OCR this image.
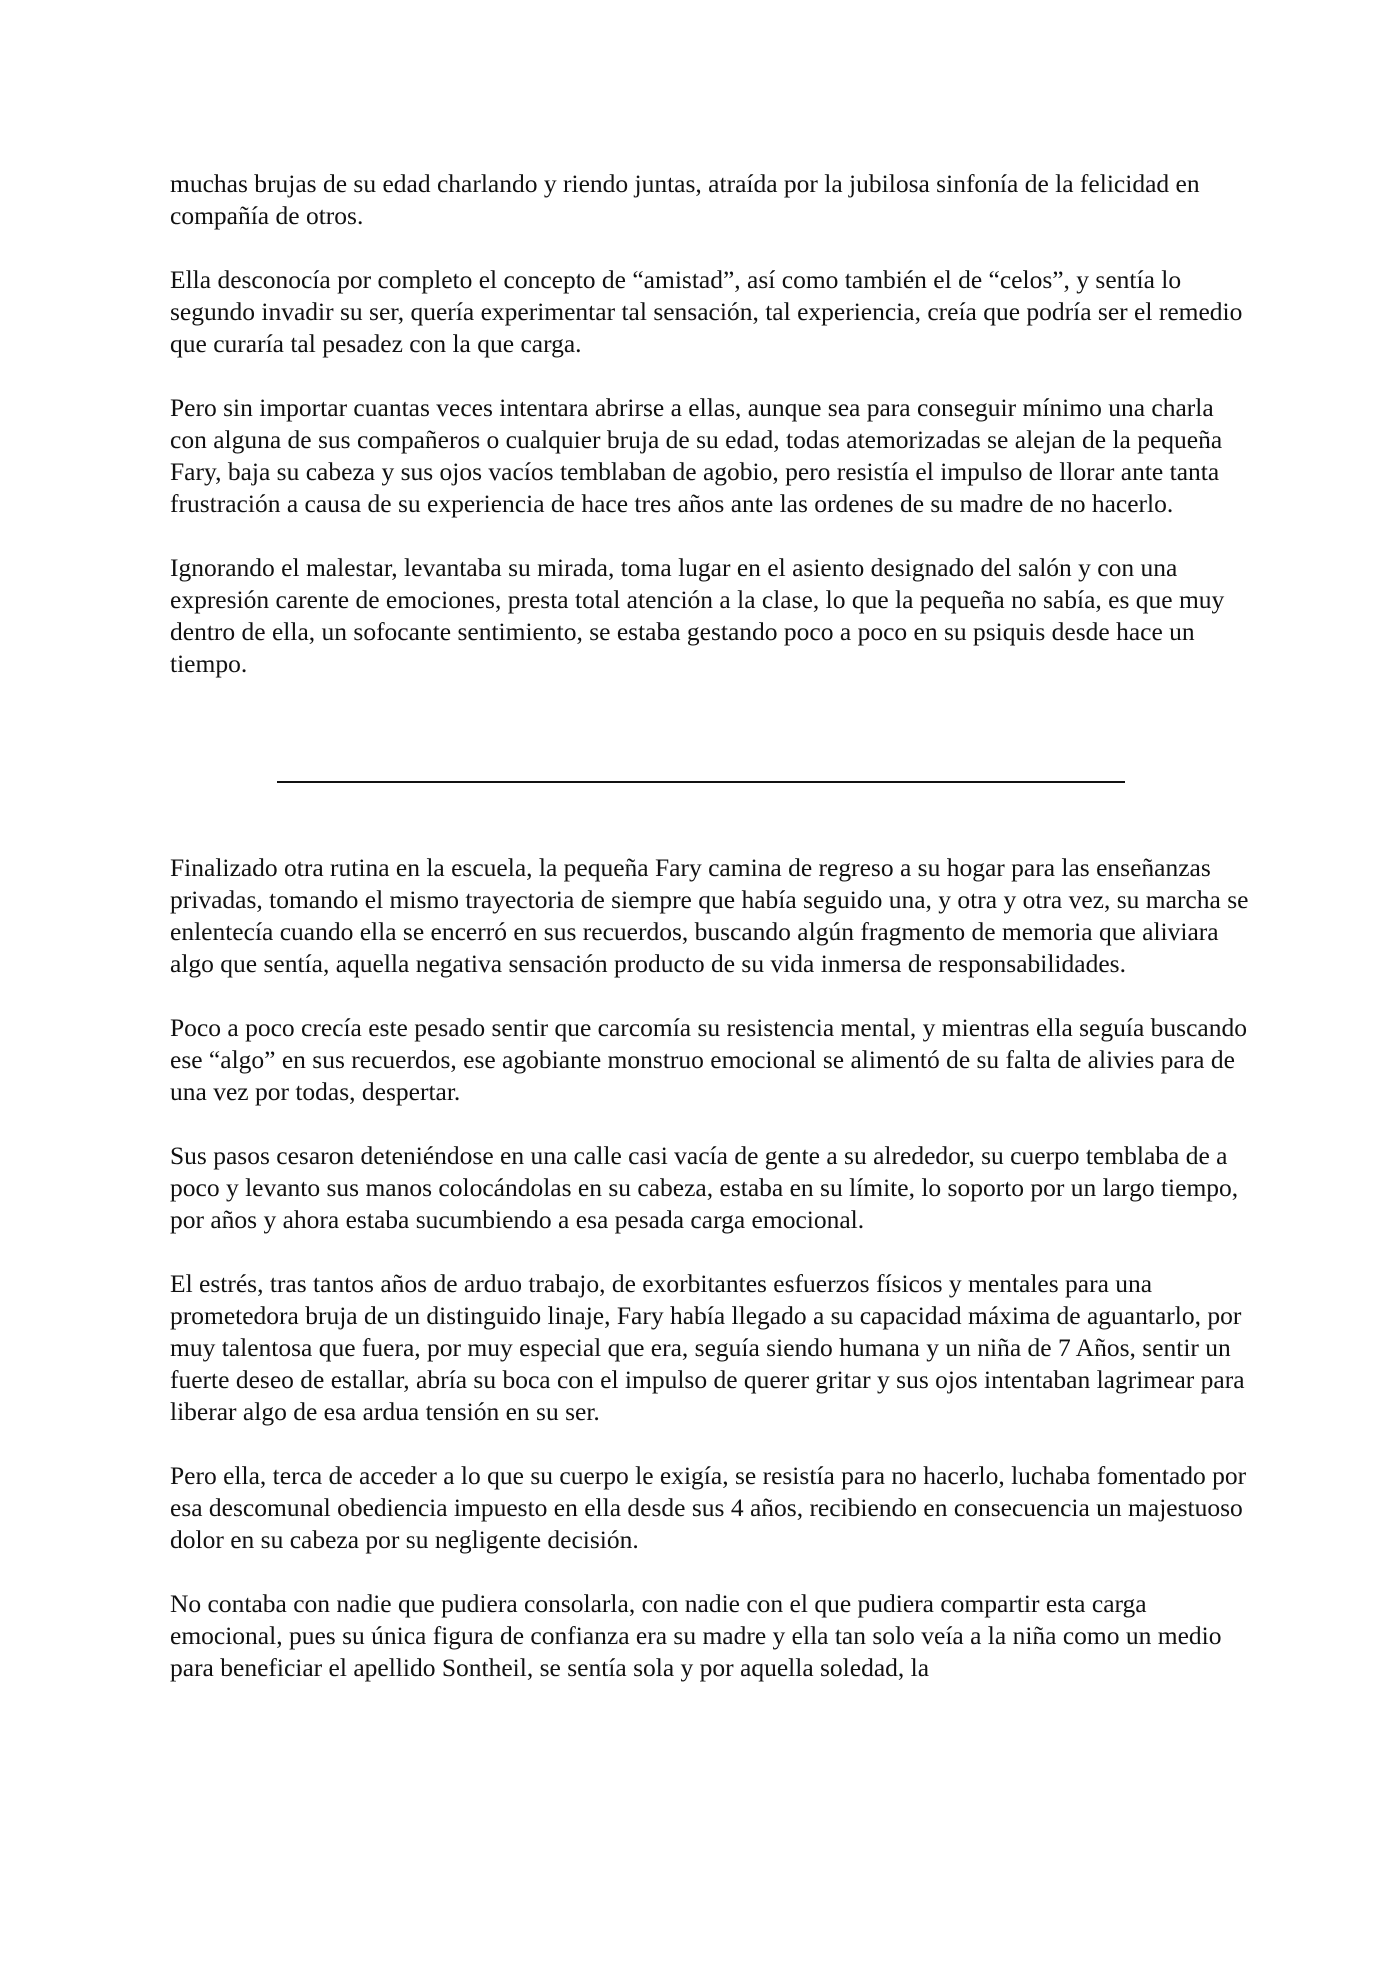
muchas brujas de su edad charlando y riendo juntas, atraída por la jubilosa sinfonía de la felicidad en compañía de otros.

Ella desconocía por completo el concepto de “amistad”, así como también el de “celos”, y sentía lo segundo invadir su ser, quería experimentar tal sensación, tal experiencia, creía que podría ser el remedio que curaría tal pesadez con la que carga.

Pero sin importar cuantas veces intentara abrirse a ellas, aunque sea para conseguir mínimo una charla con alguna de sus compañeros o cualquier bruja de su edad, todas atemorizadas se alejan de la pequeña Fary, baja su cabeza y sus ojos vacíos temblaban de agobio, pero resistía el impulso de llorar ante tanta frustración a causa de su experiencia de hace tres años ante las ordenes de su madre de no hacerlo.

Ignorando el malestar, levantaba su mirada, toma lugar en el asiento designado del salón y con una expresión carente de emociones, presta total atención a la clase, lo que la pequeña no sabía, es que muy dentro de ella, un sofocante sentimiento, se estaba gestando poco a poco en su psiquis desde hace un tiempo.

Finalizado otra rutina en la escuela, la pequeña Fary camina de regreso a su hogar para las enseñanzas privadas, tomando el mismo trayectoria de siempre que había seguido una, y otra y otra vez, su marcha se enlentecía cuando ella se encerró en sus recuerdos, buscando algún fragmento de memoria que aliviara algo que sentía, aquella negativa sensación producto de su vida inmersa de responsabilidades.

Poco a poco crecía este pesado sentir que carcomía su resistencia mental, y mientras ella seguía buscando ese “algo” en sus recuerdos, ese agobiante monstruo emocional se alimentó de su falta de alivies para de una vez por todas, despertar.

Sus pasos cesaron deteniéndose en una calle casi vacía de gente a su alrededor, su cuerpo temblaba de a poco y levanto sus manos colocándolas en su cabeza, estaba en su límite, lo soporto por un largo tiempo, por años y ahora estaba sucumbiendo a esa pesada carga emocional.

El estrés, tras tantos años de arduo trabajo, de exorbitantes esfuerzos físicos y mentales para una prometedora bruja de un distinguido linaje, Fary había llegado a su capacidad máxima de aguantarlo, por muy talentosa que fuera, por muy especial que era, seguía siendo humana y un niña de 7 Años, sentir un fuerte deseo de estallar, abría su boca con el impulso de querer gritar y sus ojos intentaban lagrimear para liberar algo de esa ardua tensión en su ser.

Pero ella, terca de acceder a lo que su cuerpo le exigía, se resistía para no hacerlo, luchaba fomentado por esa descomunal obediencia impuesto en ella desde sus 4 años, recibiendo en consecuencia un majestuoso dolor en su cabeza por su negligente decisión.

No contaba con nadie que pudiera consolarla, con nadie con el que pudiera compartir esta carga emocional, pues su única figura de confianza era su madre y ella tan solo veía a la niña como un medio para beneficiar el apellido Sontheil, se sentía sola y por aquella soledad, la
